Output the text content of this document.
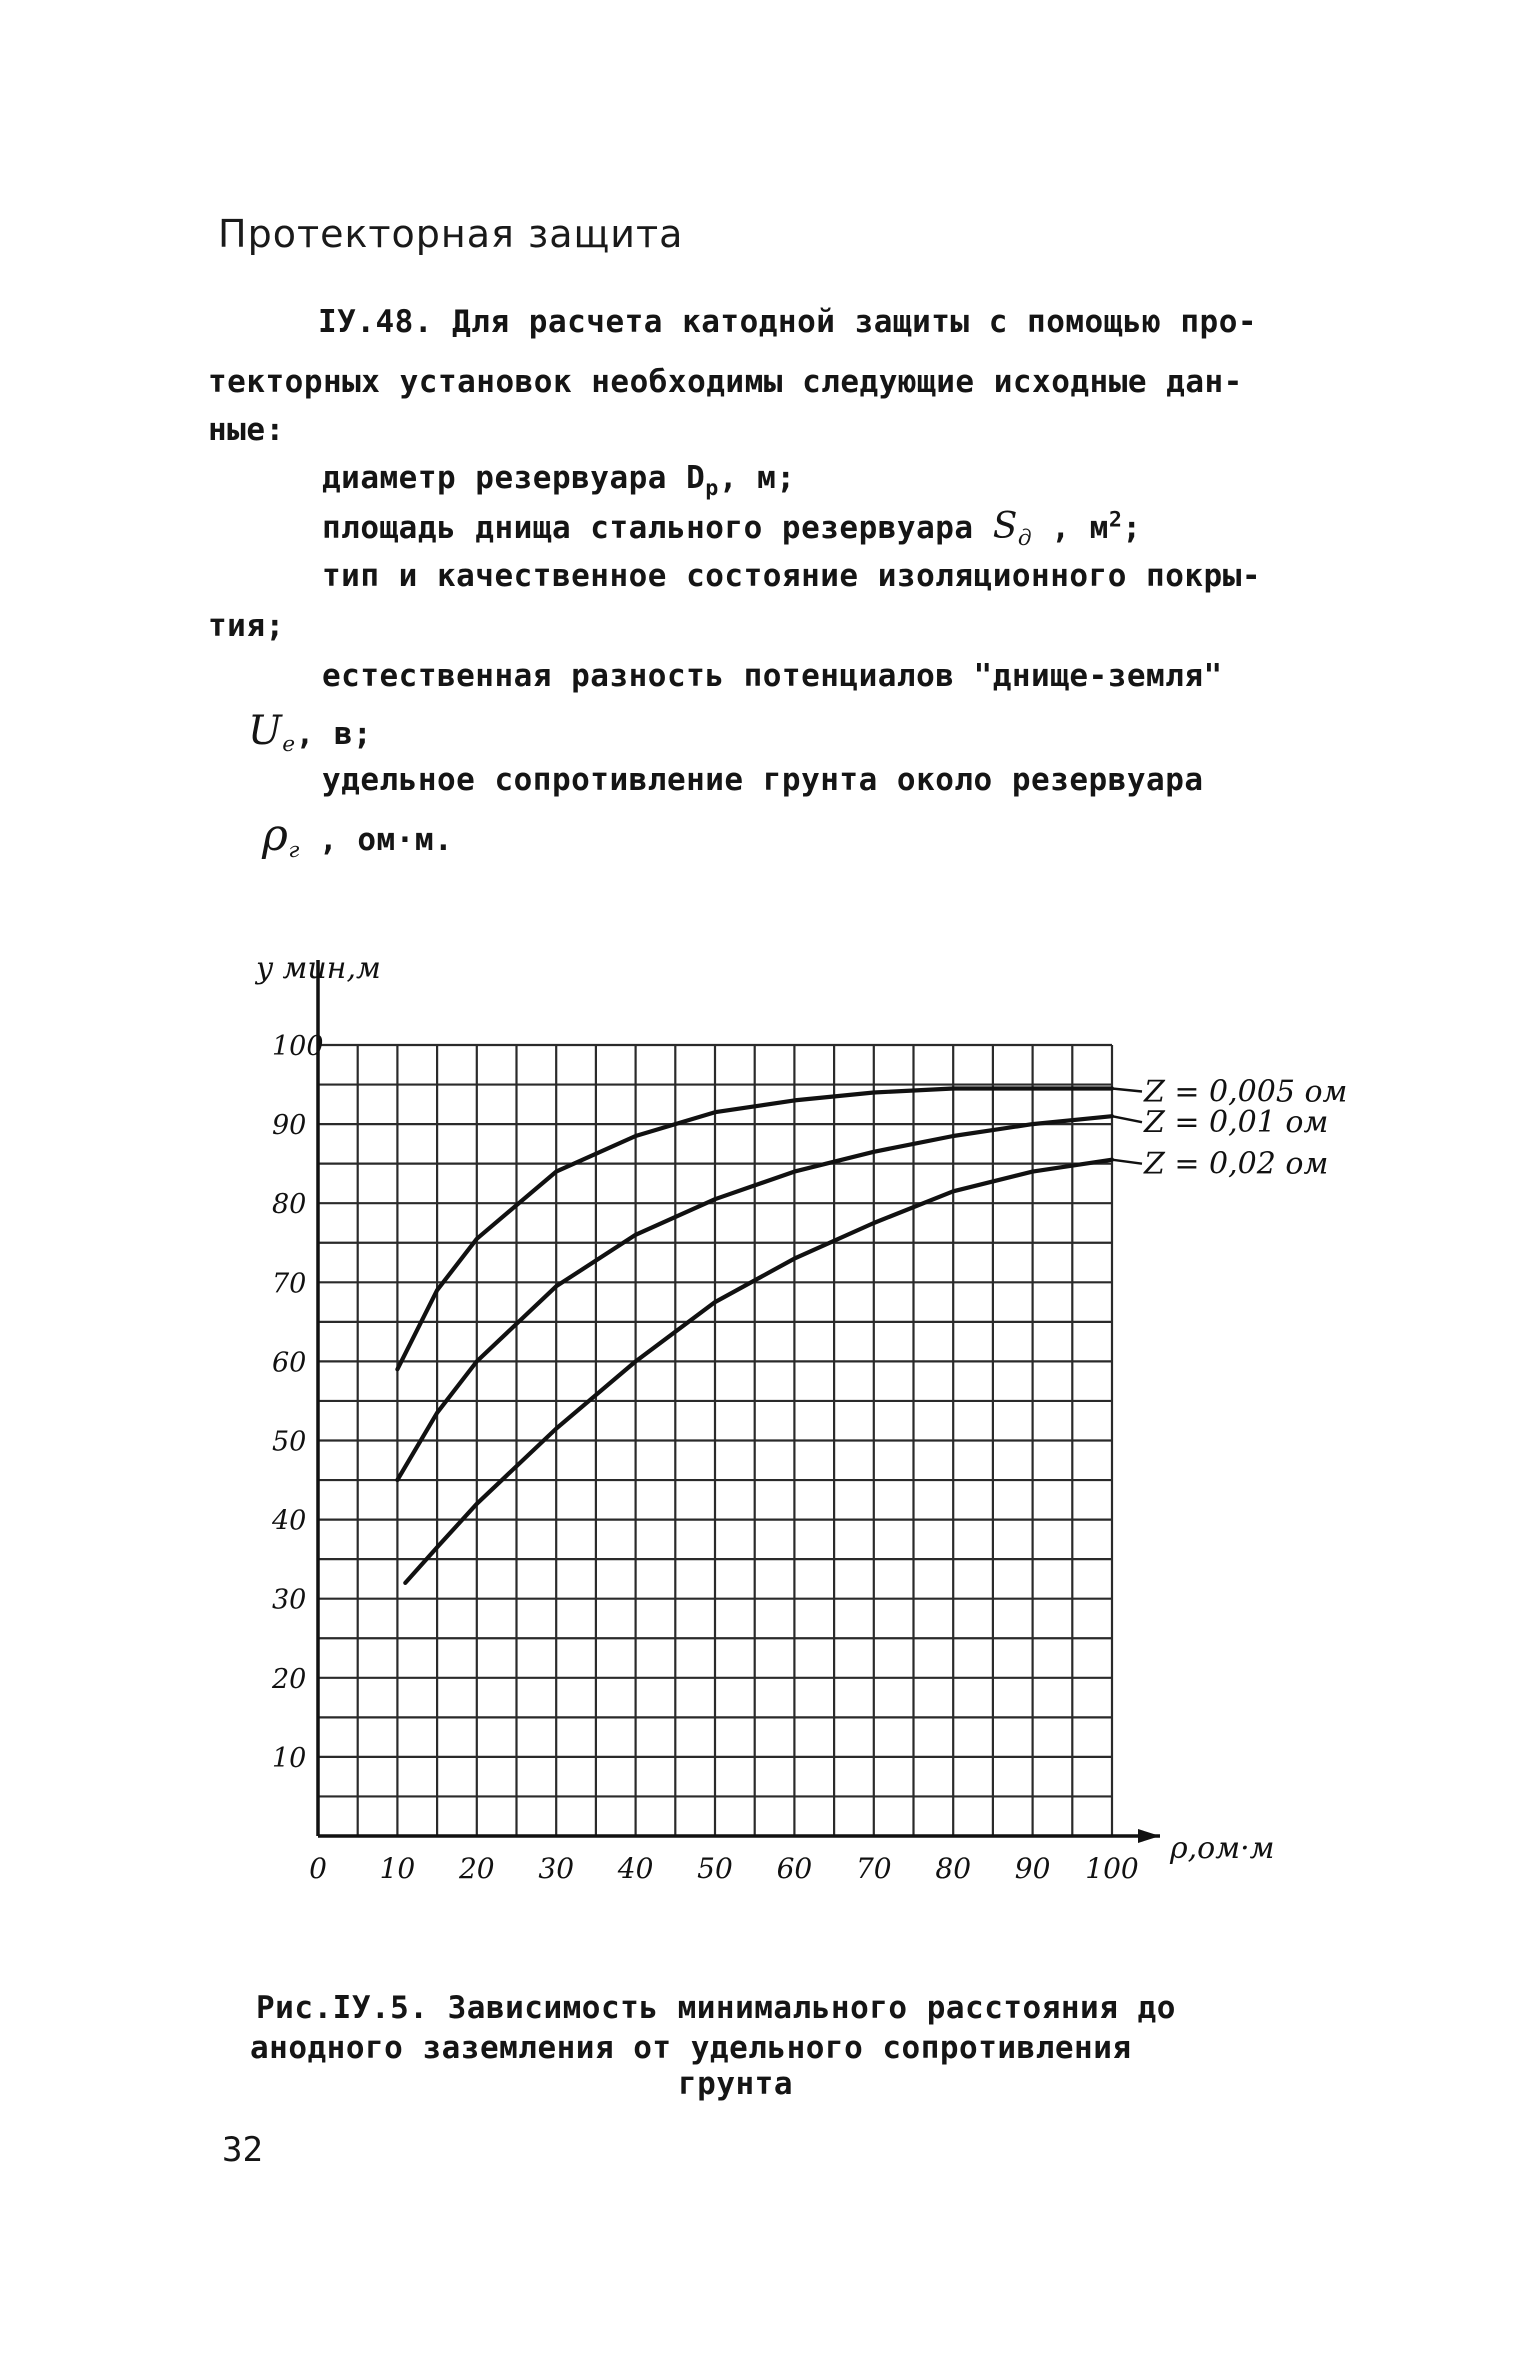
Протекторная защита
IУ.48. Для расчета катодной защиты с помощью про-
текторных установок необходимы следующие исходные дан-
ные:
диаметр резервуара $D_р$, м;
площадь днища стального резервуара $S_д$ , $м^2$;
тип и качественное состояние изоляционного покры-
тия;
естественная разность потенциалов "днище-земля"
$U_е$, в;
удельное сопротивление грунта около резервуара
$\rho_г$ , ом·м.
Z = 0,005 ом
Z = 0,01 ом
Z = 0,02 ом
10
20
30
40
50
60
70
80
90
100
0 10 20 30 40 50 60 70 80 90 100
y мин,м
ρ,ом·м
Рис.IУ.5. Зависимость минимального расстояния до
анодного заземления от удельного сопротивления
грунта
32
